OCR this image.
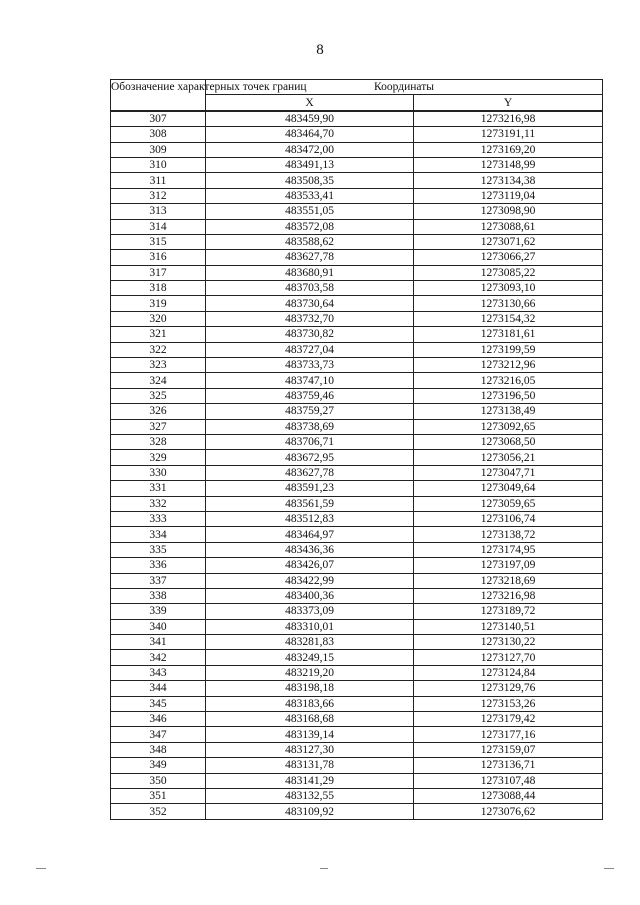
8
Обозначение характерных точек границ	Координаты	
	X	Y
307	483459,90	1273216,98
308	483464,70	1273191,11
309	483472,00	1273169,20
310	483491,13	1273148,99
311	483508,35	1273134,38
312	483533,41	1273119,04
313	483551,05	1273098,90
314	483572,08	1273088,61
315	483588,62	1273071,62
316	483627,78	1273066,27
317	483680,91	1273085,22
318	483703,58	1273093,10
319	483730,64	1273130,66
320	483732,70	1273154,32
321	483730,82	1273181,61
322	483727,04	1273199,59
323	483733,73	1273212,96
324	483747,10	1273216,05
325	483759,46	1273196,50
326	483759,27	1273138,49
327	483738,69	1273092,65
328	483706,71	1273068,50
329	483672,95	1273056,21
330	483627,78	1273047,71
331	483591,23	1273049,64
332	483561,59	1273059,65
333	483512,83	1273106,74
334	483464,97	1273138,72
335	483436,36	1273174,95
336	483426,07	1273197,09
337	483422,99	1273218,69
338	483400,36	1273216,98
339	483373,09	1273189,72
340	483310,01	1273140,51
341	483281,83	1273130,22
342	483249,15	1273127,70
343	483219,20	1273124,84
344	483198,18	1273129,76
345	483183,66	1273153,26
346	483168,68	1273179,42
347	483139,14	1273177,16
348	483127,30	1273159,07
349	483131,78	1273136,71
350	483141,29	1273107,48
351	483132,55	1273088,44
352	483109,92	1273076,62
